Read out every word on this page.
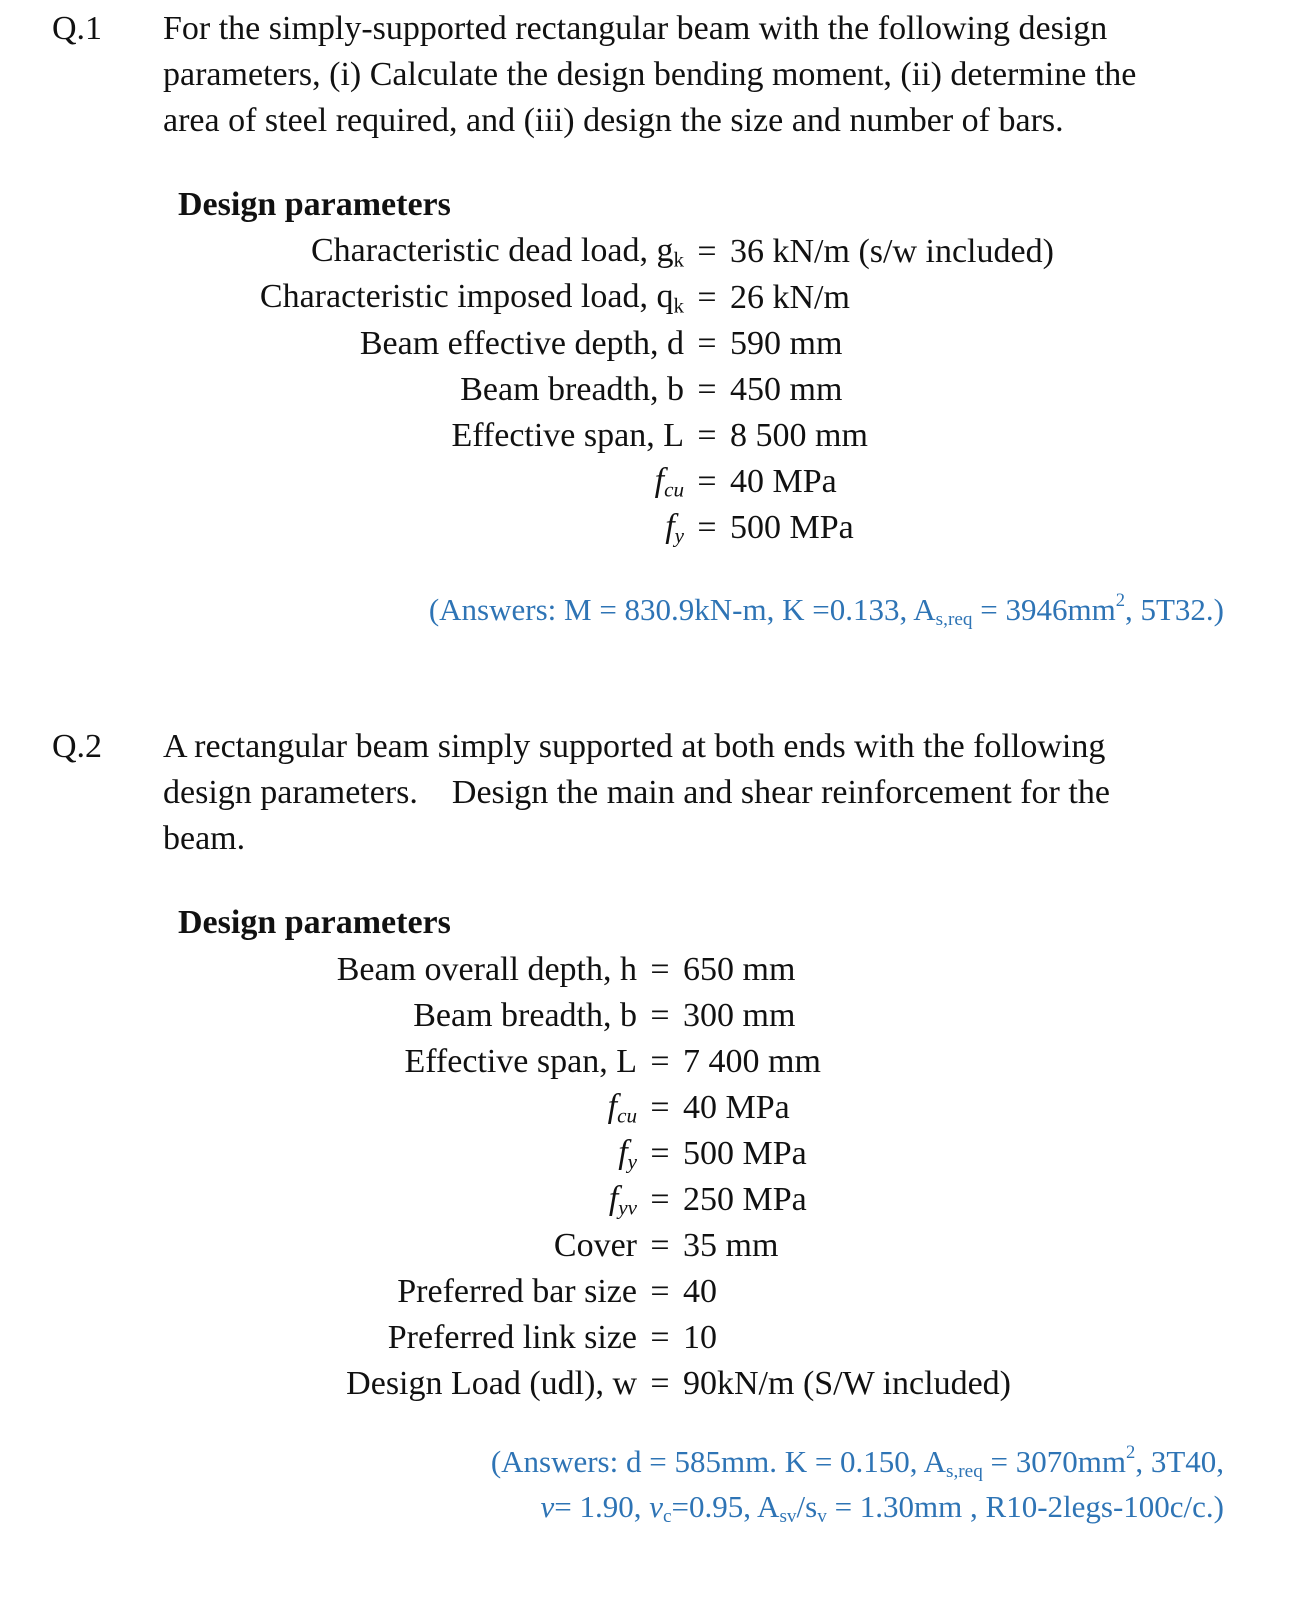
Q.1 For the simply-supported rectangular beam with the following design

parameters, (i) Calculate the design bending moment, (ii) determine the

area of steel required, and (iii) design the size and number of bars.

Design parameters
Characteristic dead load, $g_k = 36$ kN/m (s/w included)
Characteristic imposed load, $q_k = 26$ kN/m
Beam effective depth, d = 590 mm
Beam breadth, b = 450 mm
Effective span, L = 8 500 mm
$f_{cu} = 40$ MPa
$f_y = 500$ MPa
(Answers: M = 830.9kN-m, K =0.133, $A_{s,req} = 3946mm^2$, 5T32.)
Q.2 A rectangular beam simply supported at both ends with the following

design parameters.    Design the main and shear reinforcement for the

beam.

Design parameters
Beam overall depth, h = 650 mm
Beam breadth, b = 300 mm
Effective span, L = 7 400 mm
$f_{cu} = 40$ MPa
$f_y = 500$ MPa
$f_{yv} = 250$ MPa
Cover = 35 mm
Preferred bar size = 40
Preferred link size = 10
Design Load (udl), w = 90kN/m (S/W included)
(Answers: d = 585mm. K = 0.150, $A_{s,req} = 3070mm^2$, 3T40,
v= 1.90, $v_c=0.95$, $A_{sv}/s_v = 1.30mm$ , R10-2legs-100c/c.)
